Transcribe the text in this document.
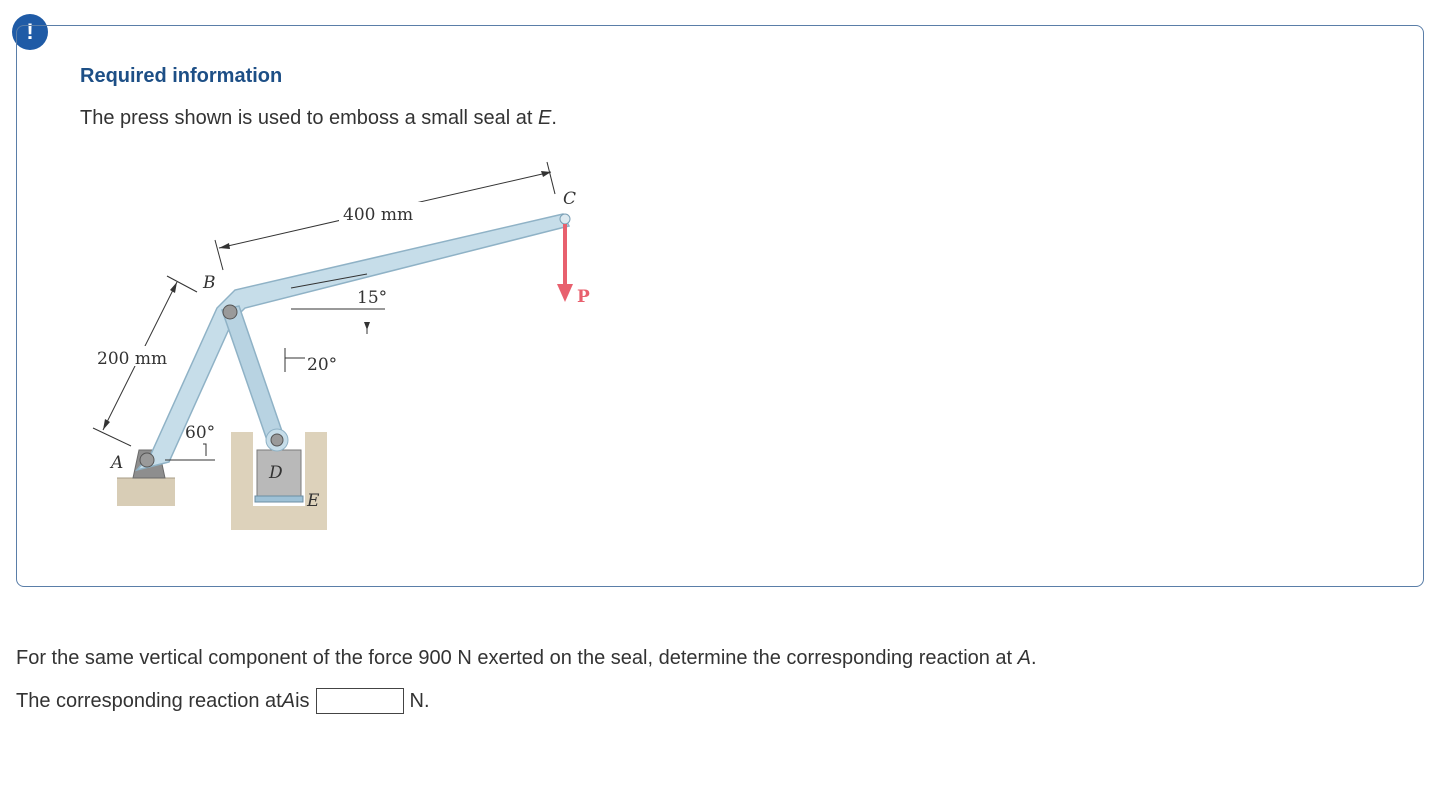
!
Required information
The press shown is used to emboss a small seal at E.
400 mm
200 mm
15°
20°
60°
A
B
C
D
E
P
For the same vertical component of the force 900 N exerted on the seal, determine the corresponding reaction at A.
The corresponding reaction at A is	N.
